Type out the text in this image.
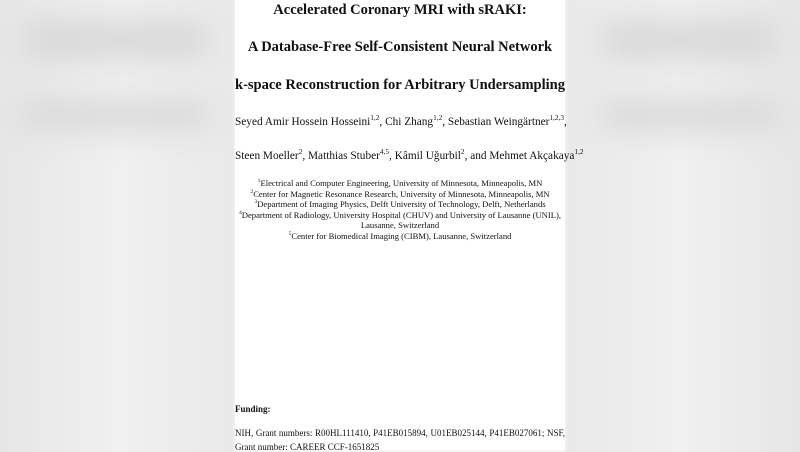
Accelerated Coronary MRI with sRAKI:
A Database-Free Self-Consistent Neural Network
k-space Reconstruction for Arbitrary Undersampling
Seyed Amir Hossein Hosseini$^{1,2}$, Chi Zhang$^{1,2}$, Sebastian Weingärtner$^{1,2,3}$,
Steen Moeller$^2$, Matthias Stuber$^{4,5}$, Kâmil Uğurbil$^2$, and Mehmet Akçakaya$^{1,2}$
$^1$Electrical and Computer Engineering, University of Minnesota, Minneapolis, MN
$^2$Center for Magnetic Resonance Research, University of Minnesota, Minneapolis, MN
$^3$Department of Imaging Physics, Delft University of Technology, Delft, Netherlands
$^4$Department of Radiology, University Hospital (CHUV) and University of Lausanne (UNIL),
Lausanne, Switzerland
$^5$Center for Biomedical Imaging (CIBM), Lausanne, Switzerland
Funding:
NIH, Grant numbers: R00HL111410, P41EB015894, U01EB025144, P41EB027061; NSF,
Grant number: CAREER CCF-1651825
